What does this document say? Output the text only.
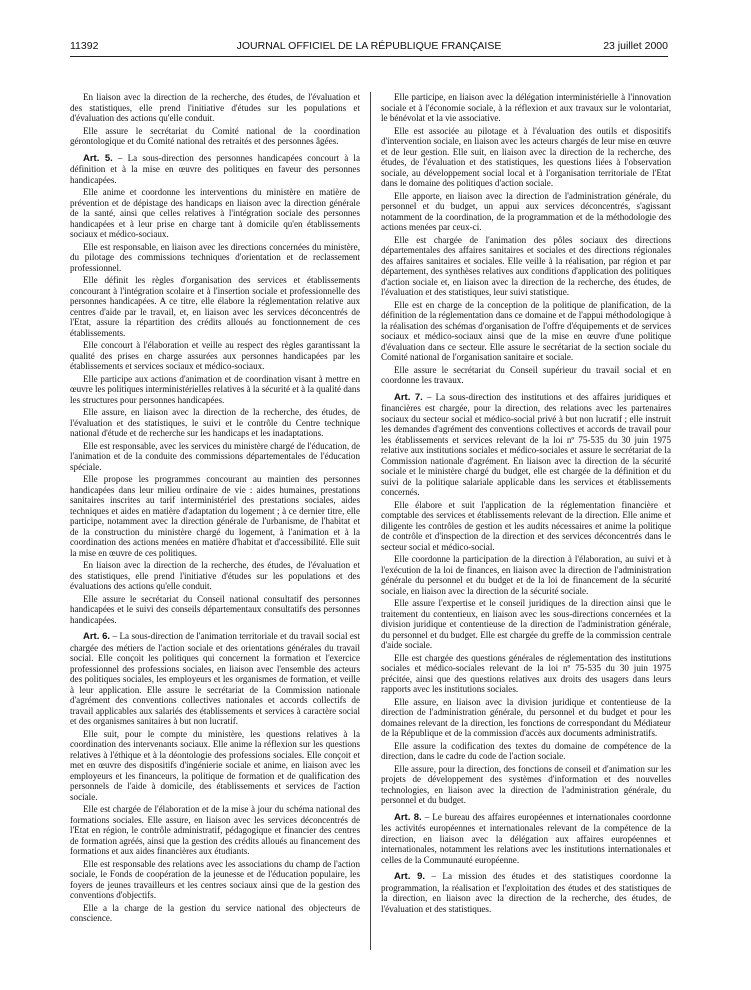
11392	JOURNAL OFFICIEL DE LA RÉPUBLIQUE FRANÇAISE	23 juillet 2000

En liaison avec la direction de la recherche, des études, de l'évaluation et des statistiques, elle prend l'initiative d'études sur les populations et d'évaluation des actions qu'elle conduit.

Elle assure le secrétariat du Comité national de la coordination gérontologique et du Comité national des retraités et des personnes âgées.

Art. 5. – La sous-direction des personnes handicapées concourt à la définition et à la mise en œuvre des politiques en faveur des personnes handicapées.

Elle anime et coordonne les interventions du ministère en matière de prévention et de dépistage des handicaps en liaison avec la direction générale de la santé, ainsi que celles relatives à l'intégration sociale des personnes handicapées et à leur prise en charge tant à domicile qu'en établissements sociaux et médico-sociaux.

Elle est responsable, en liaison avec les directions concernées du ministère, du pilotage des commissions techniques d'orientation et de reclassement professionnel.

Elle définit les règles d'organisation des services et établissements concourant à l'intégration scolaire et à l'insertion sociale et professionnelle des personnes handicapées. A ce titre, elle élabore la réglementation relative aux centres d'aide par le travail, et, en liaison avec les services déconcentrés de l'Etat, assure la répartition des crédits alloués au fonctionnement de ces établissements.

Elle concourt à l'élaboration et veille au respect des règles garantissant la qualité des prises en charge assurées aux personnes handicapées par les établissements et services sociaux et médico-sociaux.

Elle participe aux actions d'animation et de coordination visant à mettre en œuvre les politiques interministérielles relatives à la sécurité et à la qualité dans les structures pour personnes handicapées.

Elle assure, en liaison avec la direction de la recherche, des études, de l'évaluation et des statistiques, le suivi et le contrôle du Centre technique national d'étude et de recherche sur les handicaps et les inadaptations.

Elle est responsable, avec les services du ministère chargé de l'éducation, de l'animation et de la conduite des commissions départementales de l'éducation spéciale.

Elle propose les programmes concourant au maintien des personnes handicapées dans leur milieu ordinaire de vie : aides humaines, prestations sanitaires inscrites au tarif interministériel des prestations sociales, aides techniques et aides en matière d'adaptation du logement ; à ce dernier titre, elle participe, notamment avec la direction générale de l'urbanisme, de l'habitat et de la construction du ministère chargé du logement, à l'animation et à la coordination des actions menées en matière d'habitat et d'accessibilité. Elle suit la mise en œuvre de ces politiques.

En liaison avec la direction de la recherche, des études, de l'évaluation et des statistiques, elle prend l'initiative d'études sur les populations et des évaluations des actions qu'elle conduit.

Elle assure le secrétariat du Conseil national consultatif des personnes handicapées et le suivi des conseils départementaux consultatifs des personnes handicapées.

Art. 6. – La sous-direction de l'animation territoriale et du travail social est chargée des métiers de l'action sociale et des orientations générales du travail social. Elle conçoit les politiques qui concernent la formation et l'exercice professionnel des professions sociales, en liaison avec l'ensemble des acteurs des politiques sociales, les employeurs et les organismes de formation, et veille à leur application. Elle assure le secrétariat de la Commission nationale d'agrément des conventions collectives nationales et accords collectifs de travail applicables aux salariés des établissements et services à caractère social et des organismes sanitaires à but non lucratif.

Elle suit, pour le compte du ministère, les questions relatives à la coordination des intervenants sociaux. Elle anime la réflexion sur les questions relatives à l'éthique et à la déontologie des professions sociales. Elle conçoit et met en œuvre des dispositifs d'ingénierie sociale et anime, en liaison avec les employeurs et les financeurs, la politique de formation et de qualification des personnels de l'aide à domicile, des établissements et services de l'action sociale.

Elle est chargée de l'élaboration et de la mise à jour du schéma national des formations sociales. Elle assure, en liaison avec les services déconcentrés de l'Etat en région, le contrôle administratif, pédagogique et financier des centres de formation agréés, ainsi que la gestion des crédits alloués au financement des formations et aux aides financières aux étudiants.

Elle est responsable des relations avec les associations du champ de l'action sociale, le Fonds de coopération de la jeunesse et de l'éducation populaire, les foyers de jeunes travailleurs et les centres sociaux ainsi que de la gestion des conventions d'objectifs.

Elle a la charge de la gestion du service national des objecteurs de conscience.

Elle participe, en liaison avec la délégation interministérielle à l'innovation sociale et à l'économie sociale, à la réflexion et aux travaux sur le volontariat, le bénévolat et la vie associative.

Elle est associée au pilotage et à l'évaluation des outils et dispositifs d'intervention sociale, en liaison avec les acteurs chargés de leur mise en œuvre et de leur gestion. Elle suit, en liaison avec la direction de la recherche, des études, de l'évaluation et des statistiques, les questions liées à l'observation sociale, au développement social local et à l'organisation territoriale de l'Etat dans le domaine des politiques d'action sociale.

Elle apporte, en liaison avec la direction de l'administration générale, du personnel et du budget, un appui aux services déconcentrés, s'agissant notamment de la coordination, de la programmation et de la méthodologie des actions menées par ceux-ci.

Elle est chargée de l'animation des pôles sociaux des directions départementales des affaires sanitaires et sociales et des directions régionales des affaires sanitaires et sociales. Elle veille à la réalisation, par région et par département, des synthèses relatives aux conditions d'application des politiques d'action sociale et, en liaison avec la direction de la recherche, des études, de l'évaluation et des statistiques, leur suivi statistique.

Elle est en charge de la conception de la politique de planification, de la définition de la réglementation dans ce domaine et de l'appui méthodologique à la réalisation des schémas d'organisation de l'offre d'équipements et de services sociaux et médico-sociaux ainsi que de la mise en œuvre d'une politique d'évaluation dans ce secteur. Elle assure le secrétariat de la section sociale du Comité national de l'organisation sanitaire et sociale.

Elle assure le secrétariat du Conseil supérieur du travail social et en coordonne les travaux.

Art. 7. – La sous-direction des institutions et des affaires juridiques et financières est chargée, pour la direction, des relations avec les partenaires sociaux du secteur social et médico-social privé à but non lucratif ; elle instruit les demandes d'agrément des conventions collectives et accords de travail pour les établissements et services relevant de la loi nº 75-535 du 30 juin 1975 relative aux institutions sociales et médico-sociales et assure le secrétariat de la Commission nationale d'agrément. En liaison avec la direction de la sécurité sociale et le ministère chargé du budget, elle est chargée de la définition et du suivi de la politique salariale applicable dans les services et établissements concernés.

Elle élabore et suit l'application de la réglementation financière et comptable des services et établissements relevant de la direction. Elle anime et diligente les contrôles de gestion et les audits nécessaires et anime la politique de contrôle et d'inspection de la direction et des services déconcentrés dans le secteur social et médico-social.

Elle coordonne la participation de la direction à l'élaboration, au suivi et à l'exécution de la loi de finances, en liaison avec la direction de l'administration générale du personnel et du budget et de la loi de financement de la sécurité sociale, en liaison avec la direction de la sécurité sociale.

Elle assure l'expertise et le conseil juridiques de la direction ainsi que le traitement du contentieux, en liaison avec les sous-directions concernées et la division juridique et contentieuse de la direction de l'administration générale, du personnel et du budget. Elle est chargée du greffe de la commission centrale d'aide sociale.

Elle est chargée des questions générales de réglementation des institutions sociales et médico-sociales relevant de la loi nº 75-535 du 30 juin 1975 précitée, ainsi que des questions relatives aux droits des usagers dans leurs rapports avec les institutions sociales.

Elle assure, en liaison avec la division juridique et contentieuse de la direction de l'administration générale, du personnel et du budget et pour les domaines relevant de la direction, les fonctions de correspondant du Médiateur de la République et de la commission d'accès aux documents administratifs.

Elle assure la codification des textes du domaine de compétence de la direction, dans le cadre du code de l'action sociale.

Elle assure, pour la direction, des fonctions de conseil et d'animation sur les projets de développement des systèmes d'information et des nouvelles technologies, en liaison avec la direction de l'administration générale, du personnel et du budget.

Art. 8. – Le bureau des affaires européennes et internationales coordonne les activités européennes et internationales relevant de la compétence de la direction, en liaison avec la délégation aux affaires européennes et internationales, notamment les relations avec les institutions internationales et celles de la Communauté européenne.

Art. 9. – La mission des études et des statistiques coordonne la programmation, la réalisation et l'exploitation des études et des statistiques de la direction, en liaison avec la direction de la recherche, des études, de l'évaluation et des statistiques.
